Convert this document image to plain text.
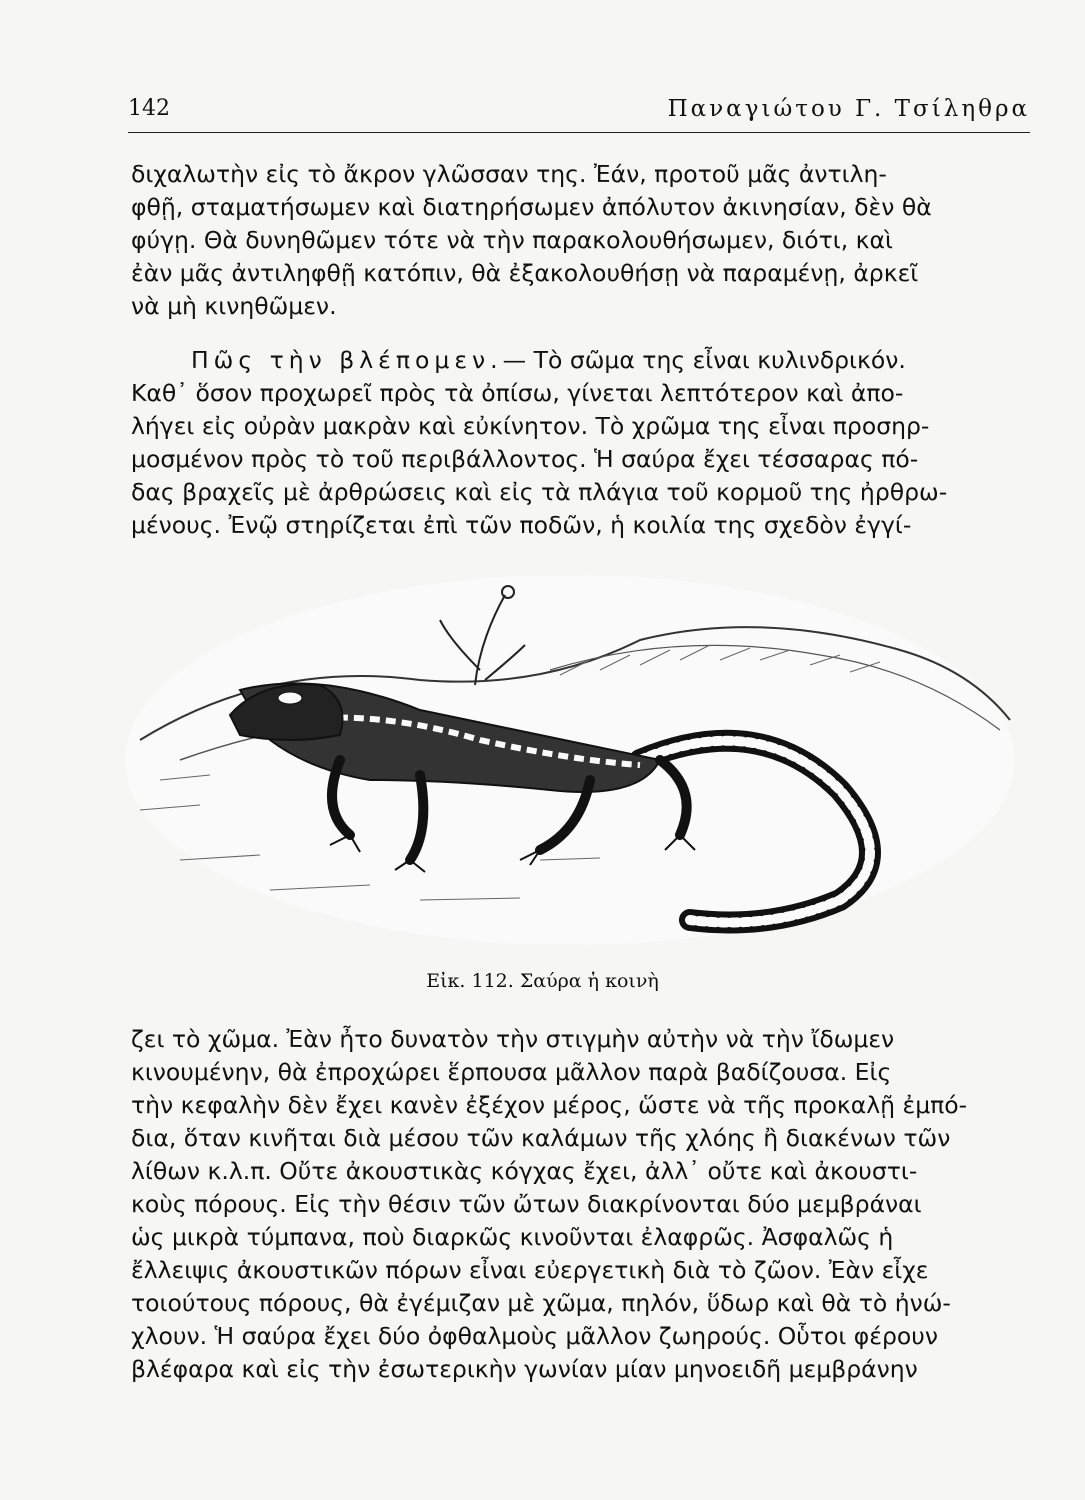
142	Παναγιώτου Γ. Τσίληθρα
διχαλωτὴν εἰς τὸ ἄκρον γλῶσσαν της. Ἐάν, προτοῦ μᾶς ἀντιλη-
φθῇ, σταματήσωμεν καὶ διατηρήσωμεν ἀπόλυτον ἀκινησίαν, δὲν θὰ
φύγῃ. Θὰ δυνηθῶμεν τότε νὰ τὴν παρακολουθήσωμεν, διότι, καὶ
ἐὰν μᾶς ἀντιληφθῇ κατόπιν, θὰ ἐξακολουθήσῃ νὰ παραμένῃ, ἀρκεῖ
νὰ μὴ κινηθῶμεν.
Πῶς τὴν βλέπομεν.— Τὸ σῶμα της εἶναι κυλινδρικόν.
Καθ᾽ ὅσον προχωρεῖ πρὸς τὰ ὀπίσω, γίνεται λεπτότερον καὶ ἀπο-
λήγει εἰς οὐρὰν μακρὰν καὶ εὐκίνητον. Τὸ χρῶμα της εἶναι προσηρ-
μοσμένον πρὸς τὸ τοῦ περιβάλλοντος. Ἡ σαύρα ἔχει τέσσαρας πό-
δας βραχεῖς μὲ ἀρθρώσεις καὶ εἰς τὰ πλάγια τοῦ κορμοῦ της ἠρθρω-
μένους. Ἐνῷ στηρίζεται ἐπὶ τῶν ποδῶν, ἡ κοιλία της σχεδὸν ἐγγί-
Εἰκ. 112. Σαύρα ἡ κοινὴ
ζει τὸ χῶμα. Ἐὰν ἦτο δυνατὸν τὴν στιγμὴν αὐτὴν νὰ τὴν ἴδωμεν
κινουμένην, θὰ ἐπροχώρει ἕρπουσα μᾶλλον παρὰ βαδίζουσα. Εἰς
τὴν κεφαλὴν δὲν ἔχει κανὲν ἐξέχον μέρος, ὥστε νὰ τῆς προκαλῇ ἐμπό-
δια, ὅταν κινῆται διὰ μέσου τῶν καλάμων τῆς χλόης ἢ διακένων τῶν
λίθων κ.λ.π. Οὔτε ἀκουστικὰς κόγχας ἔχει, ἀλλ᾽ οὔτε καὶ ἀκουστι-
κοὺς πόρους. Εἰς τὴν θέσιν τῶν ὤτων διακρίνονται δύο μεμβράναι
ὡς μικρὰ τύμπανα, ποὺ διαρκῶς κινοῦνται ἐλαφρῶς. Ἀσφαλῶς ἡ
ἔλλειψις ἀκουστικῶν πόρων εἶναι εὐεργετικὴ διὰ τὸ ζῶον. Ἐὰν εἶχε
τοιούτους πόρους, θὰ ἐγέμιζαν μὲ χῶμα, πηλόν, ὕδωρ καὶ θὰ τὸ ἠνώ-
χλουν. Ἡ σαύρα ἔχει δύο ὀφθαλμοὺς μᾶλλον ζωηρούς. Οὗτοι φέρουν
βλέφαρα καὶ εἰς τὴν ἐσωτερικὴν γωνίαν μίαν μηνοειδῆ μεμβράνην
